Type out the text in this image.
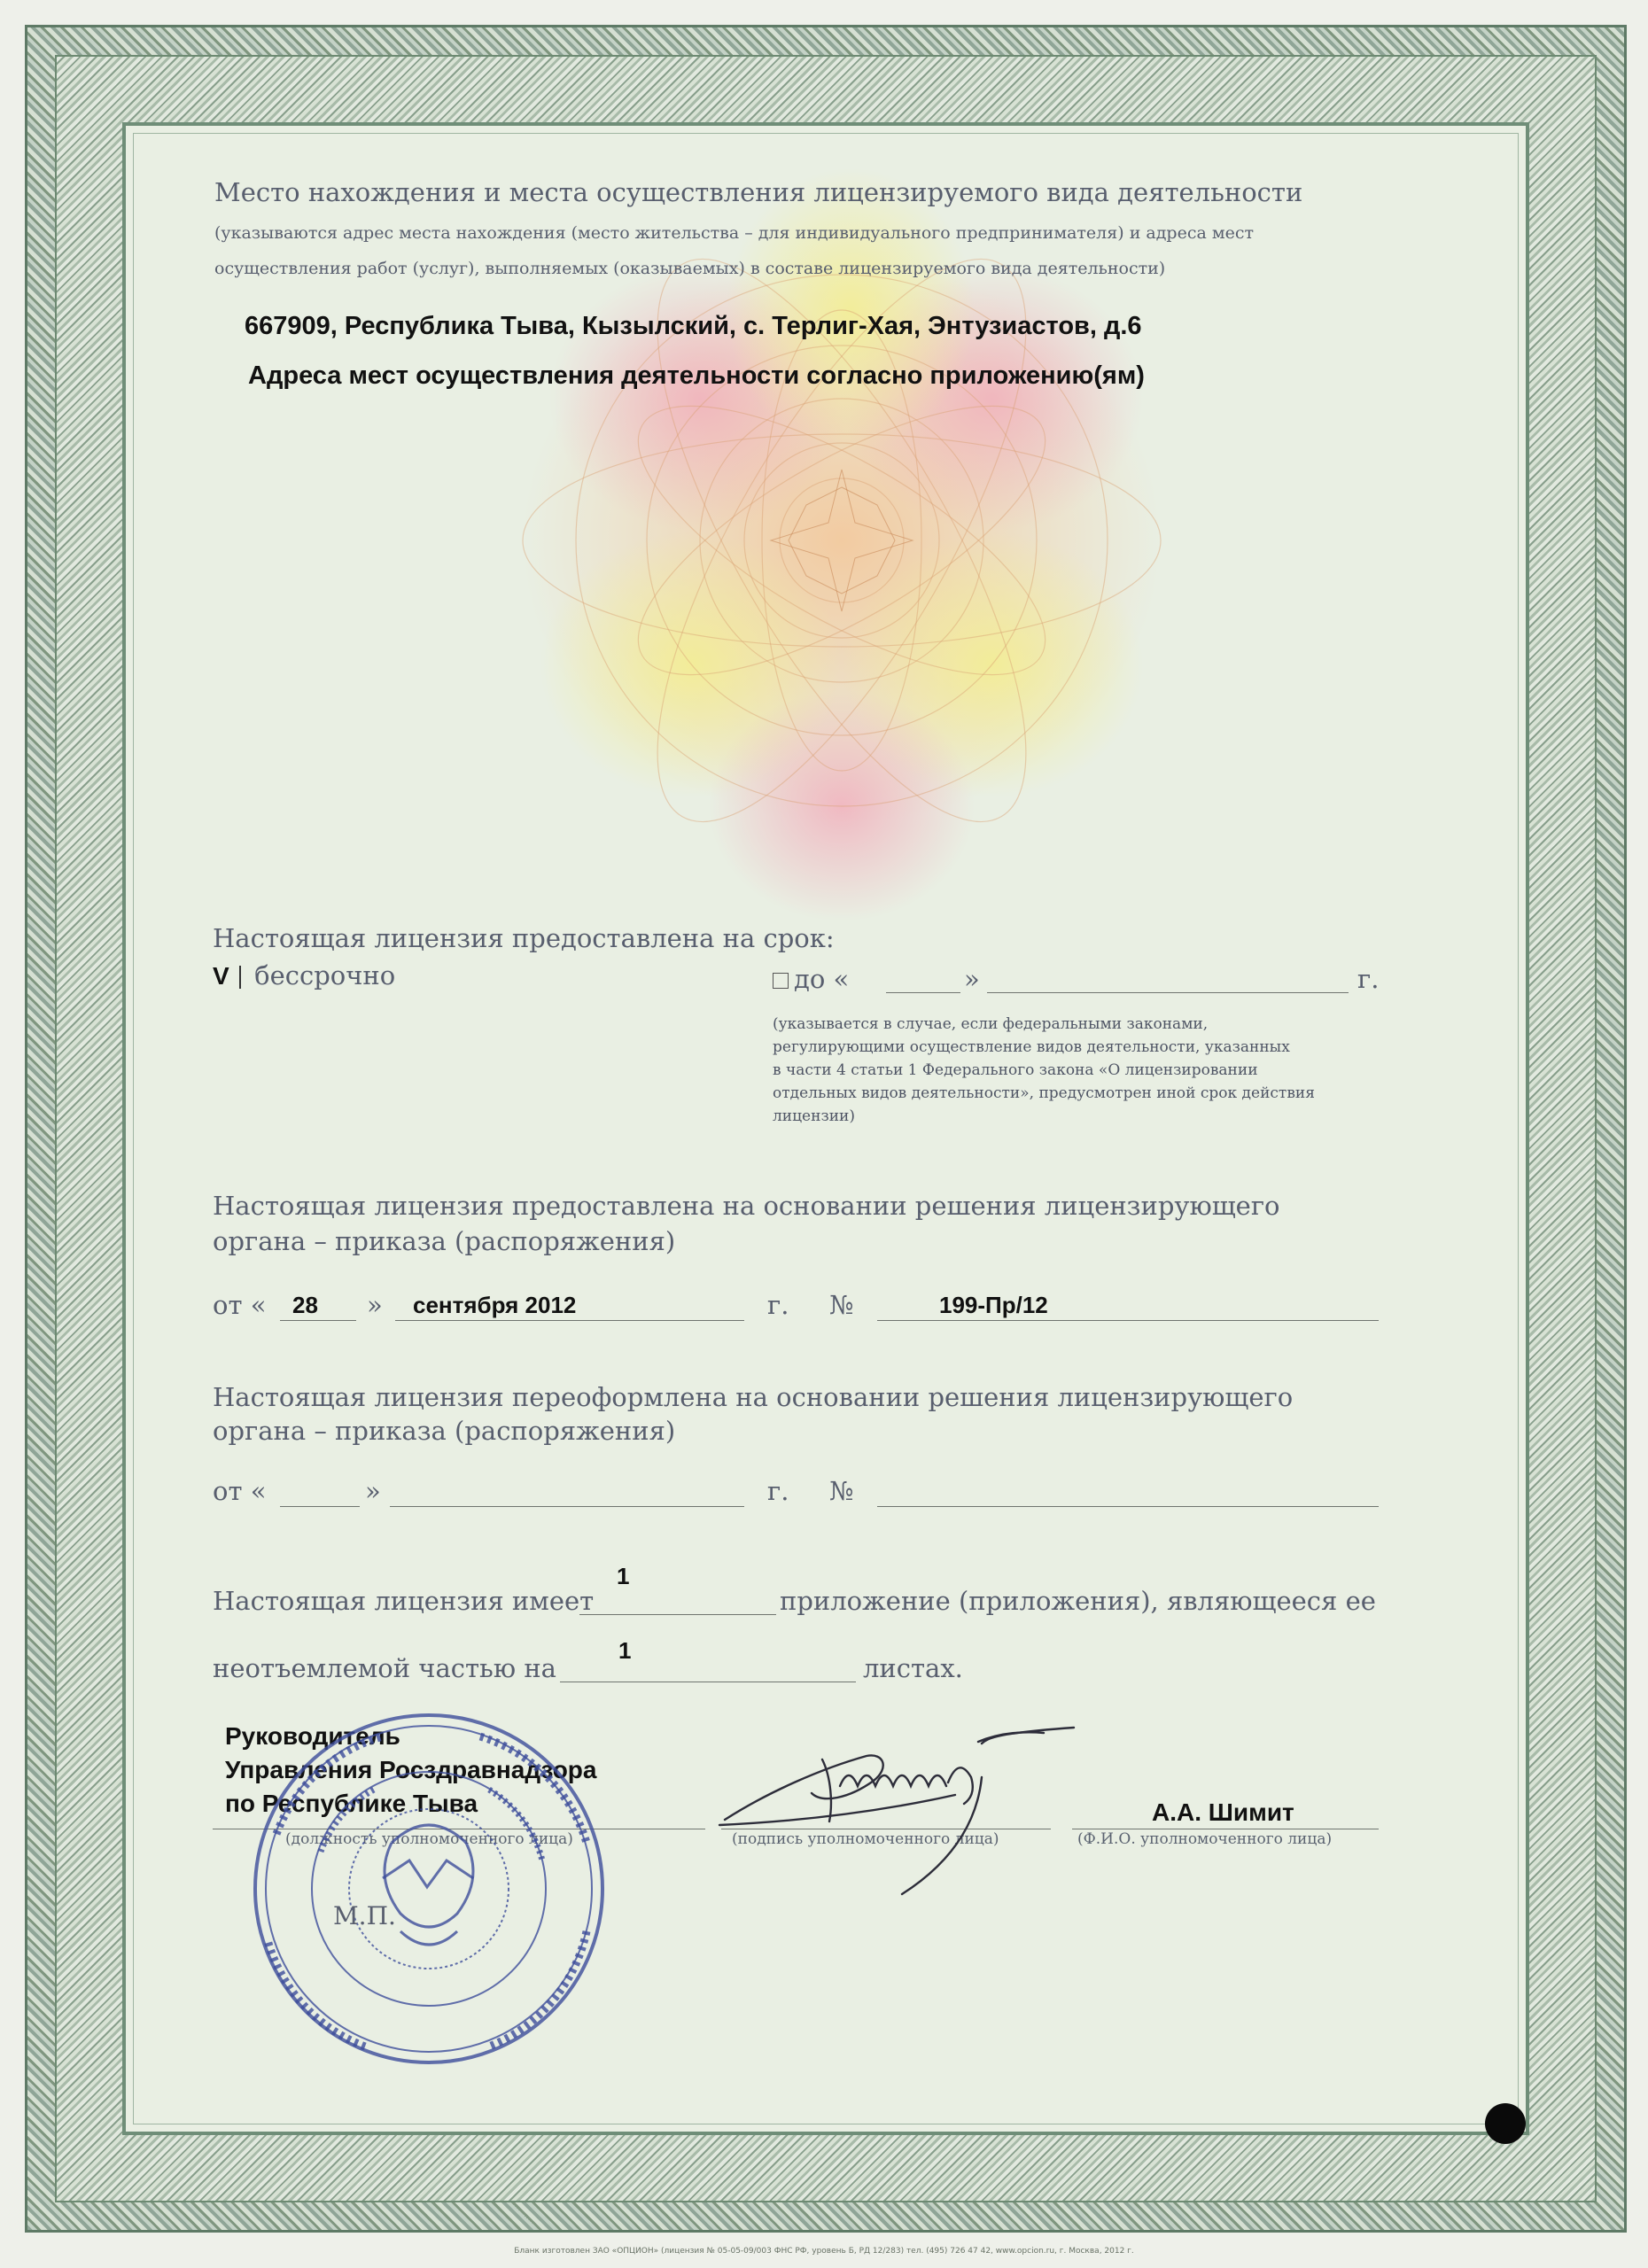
Место нахождения и места осуществления лицензируемого вида деятельности
(указываются адрес места нахождения (место жительства – для индивидуального предпринимателя) и адреса мест
осуществления работ (услуг), выполняемых (оказываемых) в составе лицензируемого вида деятельности)
667909, Республика Тыва, Кызылский, с. Терлиг-Хая, Энтузиастов, д.6
Адреса мест осуществления деятельности согласно приложению(ям)
Настоящая лицензия предоставлена на срок:
V бессрочно	до «	»	г.
(указывается в случае, если федеральными законами,
регулирующими осуществление видов деятельности, указанных
в части 4 статьи 1 Федерального закона «О лицензировании
отдельных видов деятельности», предусмотрен иной срок действия
лицензии)
Настоящая лицензия предоставлена на основании решения лицензирующего
органа – приказа (распоряжения)
от « 28 » сентября 2012	г. №	199-Пр/12
Настоящая лицензия переоформлена на основании решения лицензирующего
органа – приказа (распоряжения)
от «	»	г. №
Настоящая лицензия имеет
1
приложение (приложения), являющееся ее
неотъемлемой частью на
1
листах.
Руководитель
Управления Росздравнадзора
по Республике Тыва
(должность уполномоченного лица)	(подпись уполномоченного лица)
А.А. Шимит
(Ф.И.О. уполномоченного лица)
М.П.
Бланк изготовлен ЗАО «ОПЦИОН» (лицензия № 05-05-09/003 ФНС РФ, уровень Б, РД 12/283) тел. (495) 726 47 42, www.opcion.ru, г. Москва, 2012 г.
